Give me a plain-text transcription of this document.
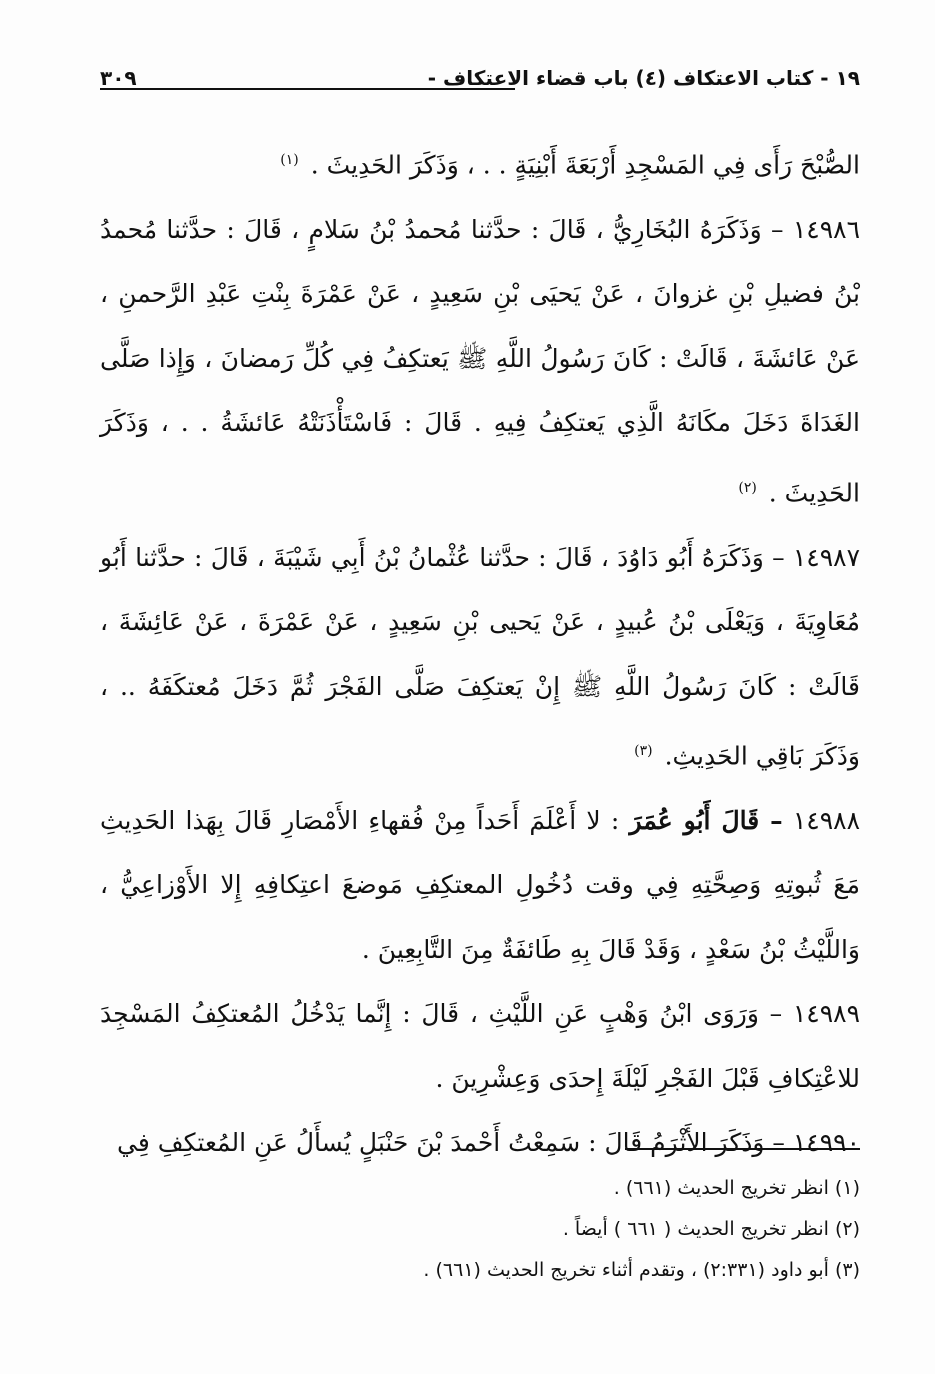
١٩ - كتاب الاعتكاف (٤) باب قضاء الاعتكاف -
٣٠٩

الصُّبْحَ رَأَى فِي المَسْجِدِ أَرْبَعَةَ أَبْنِيَةٍ . . ، وَذَكَرَ الحَدِيثَ . $^{(١)}$

١٤٩٨٦ – وَذَكَرَهُ البُخَارِيُّ ، قَالَ : حدَّثنا مُحمدُ بْنُ سَلامٍ ، قَالَ : حدَّثنا مُحمدُ بْنُ فضيلِ بْنِ غزوانَ ، عَنْ يَحيَى بْنِ سَعِيدٍ ، عَنْ عَمْرَةَ بِنْتِ عَبْدِ الرَّحمنِ ، عَنْ عَائشَةَ ، قَالَتْ : كَانَ رَسُولُ اللَّهِ ﷺ يَعتكِفُ فِي كُلِّ رَمضانَ ، وَإِذا صَلَّى الغَدَاةَ دَخَلَ مكَانَهُ الَّذِي يَعتكِفُ فِيهِ . قَالَ : فَاسْتَأْذَنَتْهُ عَائشَةُ . . ، وَذَكَرَ الحَدِيثَ . $^{(٢)}$

١٤٩٨٧ – وَذَكَرَهُ أَبُو دَاوُدَ ، قَالَ : حدَّثنا عُثْمانُ بْنُ أَبِي شَيْبَةَ ، قَالَ : حدَّثنا أَبُو مُعَاوِيَةَ ، وَيَعْلَى بْنُ عُبيدٍ ، عَنْ يَحيى بْنِ سَعِيدٍ ، عَنْ عَمْرَةَ ، عَنْ عَائِشَةَ ، قَالَتْ : كَانَ رَسُولُ اللَّهِ ﷺ إِنْ يَعتكِفَ صَلَّى الفَجْرَ ثُمَّ دَخَلَ مُعتكَفَهُ .. ، وَذَكَرَ بَاقِي الحَدِيثِ. $^{(٣)}$

١٤٩٨٨ – قَالَ أَبُو عُمَرَ : لا أَعْلَمَ أَحَداً مِنْ فُقهاءِ الأَمْصَارِ قَالَ بِهَذا الحَدِيثِ مَعَ ثُبوتِهِ وَصِحَّتِهِ فِي وقت دُخُولِ المعتكِفِ مَوضعَ اعتِكافِهِ إِلا الأَوْزاعِيُّ ، وَاللَّيْثُ بْنُ سَعْدٍ ، وَقَدْ قَالَ بِهِ طَائفَةٌ مِنَ التَّابِعِينَ .

١٤٩٨٩ – وَرَوَى ابْنُ وَهْبٍ عَنِ اللَّيْثِ ، قَالَ : إِنَّما يَدْخُلُ المُعتكِفُ المَسْجِدَ للاعْتِكافِ قَبْلَ الفَجْرِ لَيْلَةَ إِحدَى وَعِشْرِينَ .

١٤٩٩٠ – وَذَكَرَ الأَثْرَمُ قَالَ : سَمِعْتُ أَحْمدَ بْنَ حَنْبَلٍ يُسأَلُ عَنِ المُعتكِفِ فِي

(١) انظر تخريج الحديث (٦٦١) .

(٢) انظر تخريج الحديث ( ٦٦١ ) أيضاً .

(٣) أبو داود (٢:٣٣١) ، وتقدم أثناء تخريج الحديث (٦٦١) .
